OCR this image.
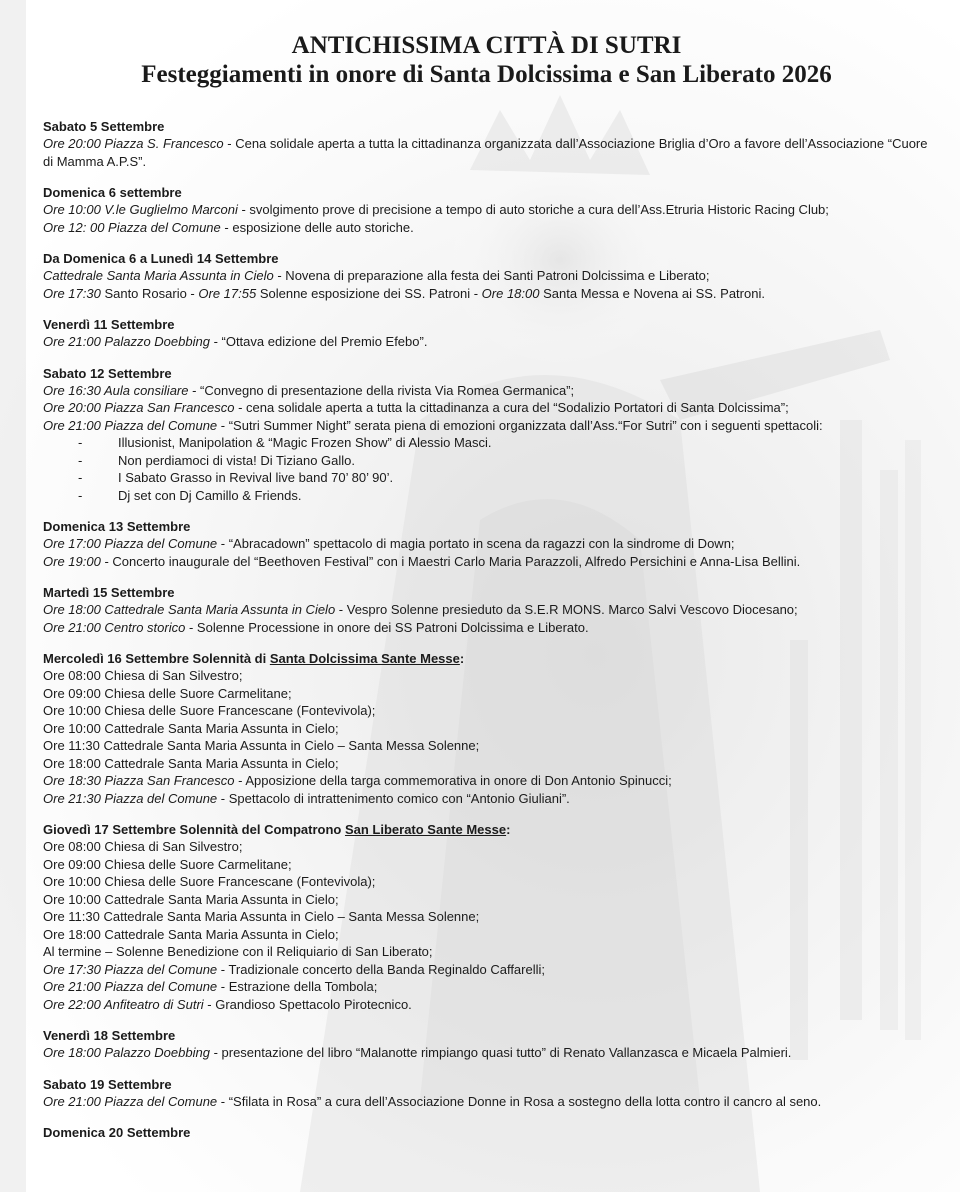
ANTICHISSIMA CITTÀ DI SUTRI
Festeggiamenti in onore di Santa Dolcissima e San Liberato 2026
Sabato 5 Settembre
Ore 20:00 Piazza S. Francesco - Cena solidale aperta a tutta la cittadinanza organizzata dall’Associazione Briglia d’Oro a favore dell’Associazione “Cuore di Mamma A.P.S”.
Domenica 6 settembre
Ore 10:00 V.le Guglielmo Marconi - svolgimento prove di precisione a tempo di auto storiche a cura dell’Ass.Etruria Historic Racing Club;
Ore 12: 00 Piazza del Comune - esposizione delle auto storiche.
Da Domenica 6 a Lunedì 14 Settembre
Cattedrale Santa Maria Assunta in Cielo - Novena di preparazione alla festa dei Santi Patroni Dolcissima e Liberato;
Ore 17:30 Santo Rosario - Ore 17:55 Solenne esposizione dei SS. Patroni - Ore 18:00 Santa Messa e Novena ai SS. Patroni.
Venerdì 11 Settembre
Ore 21:00 Palazzo Doebbing - “Ottava edizione del Premio Efebo”.
Sabato 12 Settembre
Ore 16:30 Aula consiliare - “Convegno di presentazione della rivista Via Romea Germanica”;
Ore 20:00 Piazza San Francesco - cena solidale aperta a tutta la cittadinanza a cura del “Sodalizio Portatori di Santa Dolcissima”;
Ore 21:00 Piazza del Comune - “Sutri Summer Night” serata piena di emozioni organizzata dall’Ass.“For Sutri” con i seguenti spettacoli:
-	Illusionist, Manipolation & “Magic Frozen Show” di Alessio Masci.
-	Non perdiamoci di vista! Di Tiziano Gallo.
-	I Sabato Grasso in Revival live band 70’ 80’ 90’.
-	Dj set con Dj Camillo & Friends.
Domenica 13 Settembre
Ore 17:00 Piazza del Comune - “Abracadown” spettacolo di magia portato in scena da ragazzi con la sindrome di Down;
Ore 19:00 - Concerto inaugurale del “Beethoven Festival” con i Maestri Carlo Maria Parazzoli, Alfredo Persichini e Anna-Lisa Bellini.
Martedì 15 Settembre
Ore 18:00 Cattedrale Santa Maria Assunta in Cielo - Vespro Solenne presieduto da S.E.R MONS. Marco Salvi Vescovo Diocesano;
Ore 21:00 Centro storico - Solenne Processione in onore dei SS Patroni Dolcissima e Liberato.
Mercoledì 16 Settembre Solennità di Santa Dolcissima Sante Messe:
Ore 08:00 Chiesa di San Silvestro;
Ore 09:00 Chiesa delle Suore Carmelitane;
Ore 10:00 Chiesa delle Suore Francescane (Fontevivola);
Ore 10:00 Cattedrale Santa Maria Assunta in Cielo;
Ore 11:30 Cattedrale Santa Maria Assunta in Cielo – Santa Messa Solenne;
Ore 18:00 Cattedrale Santa Maria Assunta in Cielo;
Ore 18:30 Piazza San Francesco - Apposizione della targa commemorativa in onore di Don Antonio Spinucci;
Ore 21:30 Piazza del Comune - Spettacolo di intrattenimento comico con “Antonio Giuliani”.
Giovedì 17 Settembre Solennità del Compatrono San Liberato Sante Messe:
Ore 08:00 Chiesa di San Silvestro;
Ore 09:00 Chiesa delle Suore Carmelitane;
Ore 10:00 Chiesa delle Suore Francescane (Fontevivola);
Ore 10:00 Cattedrale Santa Maria Assunta in Cielo;
Ore 11:30 Cattedrale Santa Maria Assunta in Cielo – Santa Messa Solenne;
Ore 18:00 Cattedrale Santa Maria Assunta in Cielo;
Al termine – Solenne Benedizione con il Reliquiario di San Liberato;
Ore 17:30 Piazza del Comune - Tradizionale concerto della Banda Reginaldo Caffarelli;
Ore 21:00 Piazza del Comune - Estrazione della Tombola;
Ore 22:00 Anfiteatro di Sutri - Grandioso Spettacolo Pirotecnico.
Venerdì 18 Settembre
Ore 18:00 Palazzo Doebbing - presentazione del libro “Malanotte rimpiango quasi tutto” di Renato Vallanzasca e Micaela Palmieri.
Sabato 19 Settembre
Ore 21:00 Piazza del Comune - “Sfilata in Rosa” a cura dell’Associazione Donne in Rosa a sostegno della lotta contro il cancro al seno.
Domenica 20 Settembre
